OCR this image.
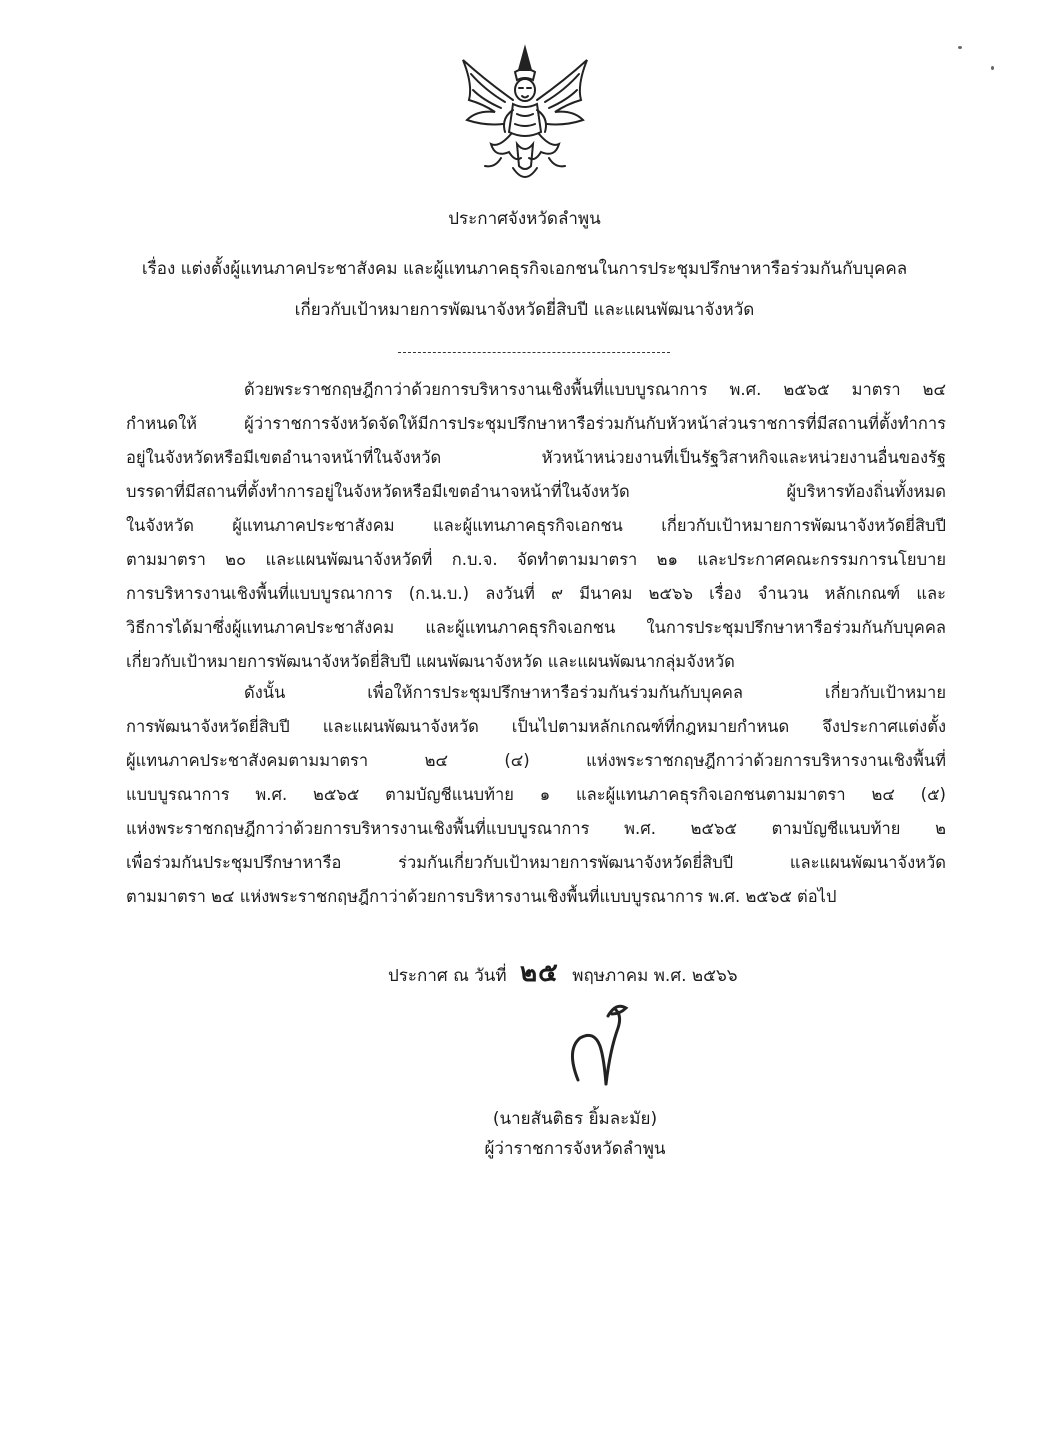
ประกาศจังหวัดลำพูน
เรื่อง แต่งตั้งผู้แทนภาคประชาสังคม และผู้แทนภาคธุรกิจเอกชนในการประชุมปรึกษาหารือร่วมกันกับบุคคล
เกี่ยวกับเป้าหมายการพัฒนาจังหวัดยี่สิบปี และแผนพัฒนาจังหวัด
ด้วยพระราชกฤษฎีกาว่าด้วยการบริหารงานเชิงพื้นที่แบบบูรณาการ พ.ศ. ๒๕๖๕ มาตรา ๒๔
กำหนดให้ ผู้ว่าราชการจังหวัดจัดให้มีการประชุมปรึกษาหารือร่วมกันกับหัวหน้าส่วนราชการที่มีสถานที่ตั้งทำการ
อยู่ในจังหวัดหรือมีเขตอำนาจหน้าที่ในจังหวัด หัวหน้าหน่วยงานที่เป็นรัฐวิสาหกิจและหน่วยงานอื่นของรัฐ
บรรดาที่มีสถานที่ตั้งทำการอยู่ในจังหวัดหรือมีเขตอำนาจหน้าที่ในจังหวัด ผู้บริหารท้องถิ่นทั้งหมด
ในจังหวัด ผู้แทนภาคประชาสังคม และผู้แทนภาคธุรกิจเอกชน เกี่ยวกับเป้าหมายการพัฒนาจังหวัดยี่สิบปี
ตามมาตรา ๒๐ และแผนพัฒนาจังหวัดที่ ก.บ.จ. จัดทำตามมาตรา ๒๑ และประกาศคณะกรรมการนโยบาย
การบริหารงานเชิงพื้นที่แบบบูรณาการ (ก.น.บ.) ลงวันที่ ๙ มีนาคม ๒๕๖๖ เรื่อง จำนวน หลักเกณฑ์ และ
วิธีการได้มาซึ่งผู้แทนภาคประชาสังคม และผู้แทนภาคธุรกิจเอกชน ในการประชุมปรึกษาหารือร่วมกันกับบุคคล
เกี่ยวกับเป้าหมายการพัฒนาจังหวัดยี่สิบปี แผนพัฒนาจังหวัด และแผนพัฒนากลุ่มจังหวัด
ดังนั้น เพื่อให้การประชุมปรึกษาหารือร่วมกันร่วมกันกับบุคคล เกี่ยวกับเป้าหมาย
การพัฒนาจังหวัดยี่สิบปี และแผนพัฒนาจังหวัด เป็นไปตามหลักเกณฑ์ที่กฎหมายกำหนด จึงประกาศแต่งตั้ง
ผู้แทนภาคประชาสังคมตามมาตรา ๒๔ (๔) แห่งพระราชกฤษฎีกาว่าด้วยการบริหารงานเชิงพื้นที่
แบบบูรณาการ พ.ศ. ๒๕๖๕ ตามบัญชีแนบท้าย ๑ และผู้แทนภาคธุรกิจเอกชนตามมาตรา ๒๔ (๕)
แห่งพระราชกฤษฎีกาว่าด้วยการบริหารงานเชิงพื้นที่แบบบูรณาการ พ.ศ. ๒๕๖๕ ตามบัญชีแนบท้าย ๒
เพื่อร่วมกันประชุมปรึกษาหารือ ร่วมกันเกี่ยวกับเป้าหมายการพัฒนาจังหวัดยี่สิบปี และแผนพัฒนาจังหวัด
ตามมาตรา ๒๔ แห่งพระราชกฤษฎีกาว่าด้วยการบริหารงานเชิงพื้นที่แบบบูรณาการ พ.ศ. ๒๕๖๕ ต่อไป
ประกาศ ณ วันที่ ๒๕ พฤษภาคม พ.ศ. ๒๕๖๖
(นายสันติธร ยิ้มละมัย)
ผู้ว่าราชการจังหวัดลำพูน
